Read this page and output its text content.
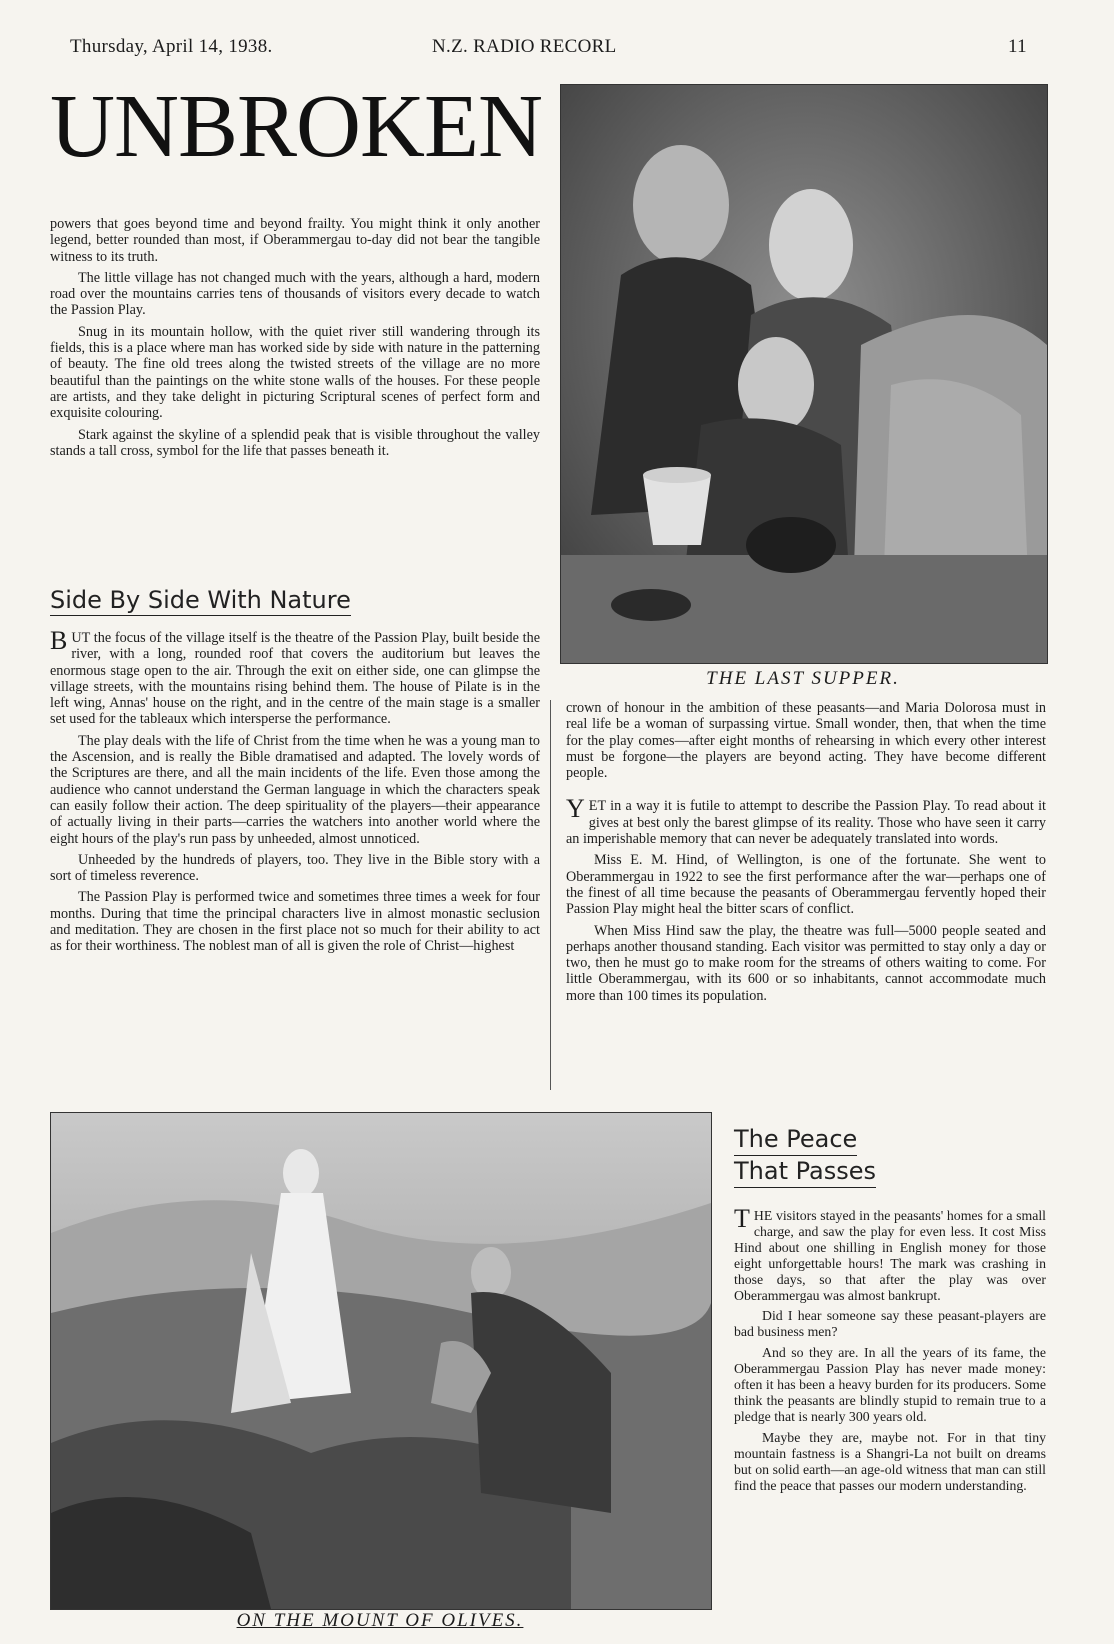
Thursday, April 14, 1938.	N.Z. RADIO RECORL	11
UNBROKEN
THE LAST SUPPER.

powers that goes beyond time and beyond frailty. You might think it only another legend, better rounded than most, if Oberammergau to-day did not bear the tangible witness to its truth.

The little village has not changed much with the years, although a hard, modern road over the mountains carries tens of thousands of visitors every decade to watch the Passion Play.

Snug in its mountain hollow, with the quiet river still wandering through its fields, this is a place where man has worked side by side with nature in the patterning of beauty. The fine old trees along the twisted streets of the village are no more beautiful than the paintings on the white stone walls of the houses. For these people are artists, and they take delight in picturing Scriptural scenes of perfect form and exquisite colouring.

Stark against the skyline of a splendid peak that is visible throughout the valley stands a tall cross, symbol for the life that passes beneath it.

Side By Side With Nature

BUT the focus of the village itself is the theatre of the Passion Play, built beside the river, with a long, rounded roof that covers the auditorium but leaves the enormous stage open to the air. Through the exit on either side, one can glimpse the village streets, with the mountains rising behind them. The house of Pilate is in the left wing, Annas' house on the right, and in the centre of the main stage is a smaller set used for the tableaux which intersperse the performance.

The play deals with the life of Christ from the time when he was a young man to the Ascension, and is really the Bible dramatised and adapted. The lovely words of the Scriptures are there, and all the main incidents of the life. Even those among the audience who cannot understand the German language in which the characters speak can easily follow their action. The deep spirituality of the players—their appearance of actually living in their parts—carries the watchers into another world where the eight hours of the play's run pass by unheeded, almost unnoticed.

Unheeded by the hundreds of players, too. They live in the Bible story with a sort of timeless reverence.

The Passion Play is performed twice and sometimes three times a week for four months. During that time the principal characters live in almost monastic seclusion and meditation. They are chosen in the first place not so much for their ability to act as for their worthiness. The noblest man of all is given the role of Christ—highest

crown of honour in the ambition of these peasants—and Maria Dolorosa must in real life be a woman of surpassing virtue. Small wonder, then, that when the time for the play comes—after eight months of rehearsing in which every other interest must be forgone—the players are beyond acting. They have become different people.

YET in a way it is futile to attempt to describe the Passion Play. To read about it gives at best only the barest glimpse of its reality. Those who have seen it carry an imperishable memory that can never be adequately translated into words.

Miss E. M. Hind, of Wellington, is one of the fortunate. She went to Oberammergau in 1922 to see the first performance after the war—perhaps one of the finest of all time because the peasants of Oberammergau fervently hoped their Passion Play might heal the bitter scars of conflict.

When Miss Hind saw the play, the theatre was full—5000 people seated and perhaps another thousand standing. Each visitor was permitted to stay only a day or two, then he must go to make room for the streams of others waiting to come. For little Oberammergau, with its 600 or so inhabitants, cannot accommodate much more than 100 times its population.

ON THE MOUNT OF OLIVES.
The Peace
That Passes

THE visitors stayed in the peasants' homes for a small charge, and saw the play for even less. It cost Miss Hind about one shilling in English money for those eight unforgettable hours! The mark was crashing in those days, so that after the play was over Oberammergau was almost bankrupt.

Did I hear someone say these peasant-players are bad business men?

And so they are. In all the years of its fame, the Oberammergau Passion Play has never made money: often it has been a heavy burden for its producers. Some think the peasants are blindly stupid to remain true to a pledge that is nearly 300 years old.

Maybe they are, maybe not. For in that tiny mountain fastness is a Shangri-La not built on dreams but on solid earth—an age-old witness that man can still find the peace that passes our modern understanding.
